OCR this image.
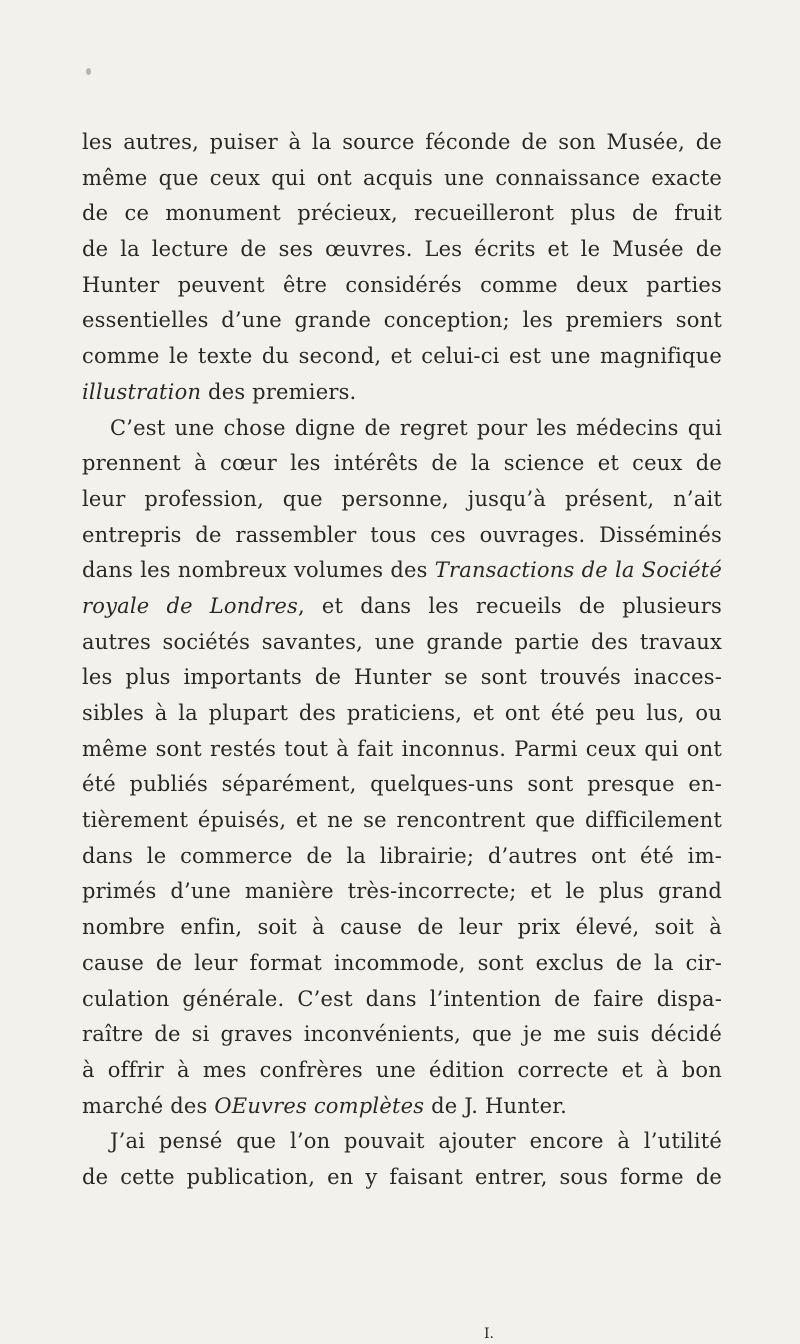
les autres, puiser à la source féconde de son Musée, de
même que ceux qui ont acquis une connaissance exacte
de ce monument précieux, recueilleront plus de fruit
de la lecture de ses œuvres. Les écrits et le Musée de
Hunter peuvent être considérés comme deux parties
essentielles d’une grande conception; les premiers sont
comme le texte du second, et celui-ci est une magnifique
illustration des premiers.
C’est une chose digne de regret pour les médecins qui
prennent à cœur les intérêts de la science et ceux de
leur profession, que personne, jusqu’à présent, n’ait
entrepris de rassembler tous ces ouvrages. Disséminés
dans les nombreux volumes des Transactions de la Société
royale de Londres, et dans les recueils de plusieurs
autres sociétés savantes, une grande partie des travaux
les plus importants de Hunter se sont trouvés inacces-
sibles à la plupart des praticiens, et ont été peu lus, ou
même sont restés tout à fait inconnus. Parmi ceux qui ont
été publiés séparément, quelques-uns sont presque en-
tièrement épuisés, et ne se rencontrent que difficilement
dans le commerce de la librairie; d’autres ont été im-
primés d’une manière très-incorrecte; et le plus grand
nombre enfin, soit à cause de leur prix élevé, soit à
cause de leur format incommode, sont exclus de la cir-
culation générale. C’est dans l’intention de faire dispa-
raître de si graves inconvénients, que je me suis décidé
à offrir à mes confrères une édition correcte et à bon
marché des OEuvres complètes de J. Hunter.
J’ai pensé que l’on pouvait ajouter encore à l’utilité
de cette publication, en y faisant entrer, sous forme de
I.
